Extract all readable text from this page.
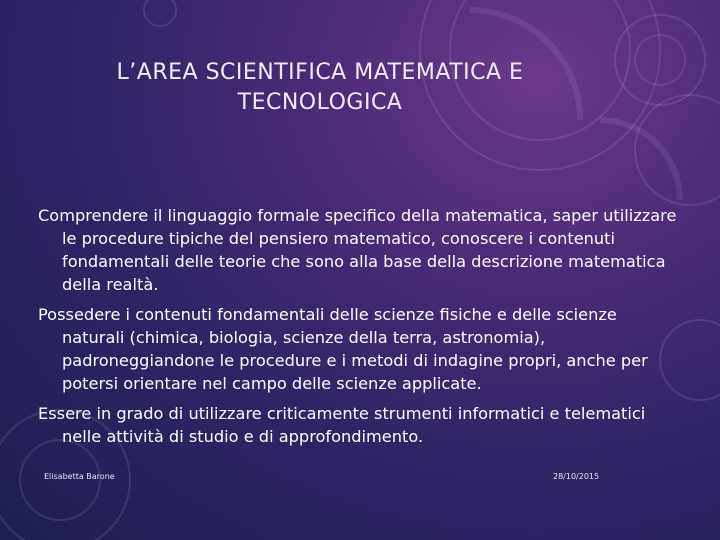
L’AREA SCIENTIFICA MATEMATICA E TECNOLOGICA

Comprendere il linguaggio formale specifico della matematica, saper utilizzare le procedure tipiche del pensiero matematico, conoscere i contenuti fondamentali delle teorie che sono alla base della descrizione matematica della realtà.

Possedere i contenuti fondamentali delle scienze fisiche e delle scienze naturali (chimica, biologia, scienze della terra, astronomia), padroneggiandone le procedure e i metodi di indagine propri, anche per potersi orientare nel campo delle scienze applicate.

Essere in grado di utilizzare criticamente strumenti informatici e telematici nelle attività di studio e di approfondimento.

Elisabetta Barone	28/10/2015
